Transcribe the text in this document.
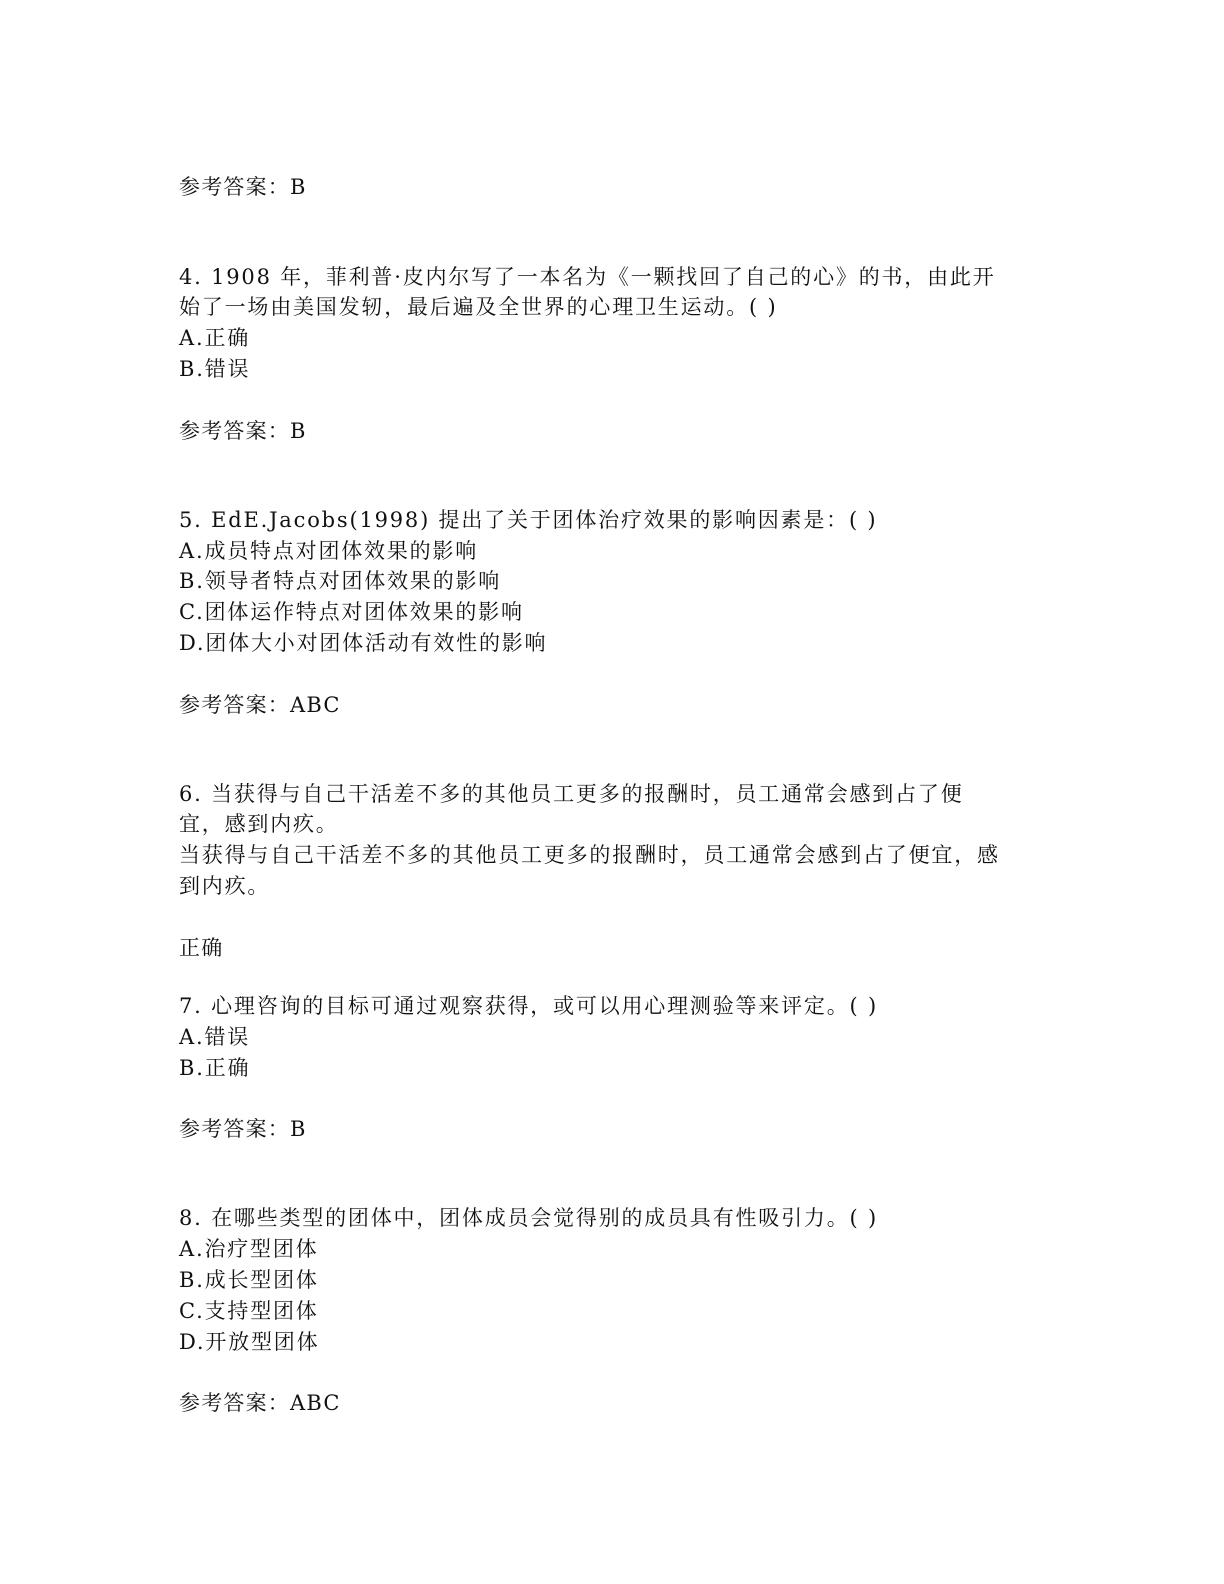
参考答案：B
4. 1908 年，菲利普·皮内尔写了一本名为《一颗找回了自己的心》的书，由此开
始了一场由美国发轫，最后遍及全世界的心理卫生运动。( )
A.正确
B.错误
参考答案：B
5. EdE.Jacobs(1998) 提出了关于团体治疗效果的影响因素是：( )
A.成员特点对团体效果的影响
B.领导者特点对团体效果的影响
C.团体运作特点对团体效果的影响
D.团体大小对团体活动有效性的影响
参考答案：ABC
6. 当获得与自己干活差不多的其他员工更多的报酬时，员工通常会感到占了便
宜，感到内疚。
当获得与自己干活差不多的其他员工更多的报酬时，员工通常会感到占了便宜，感
到内疚。
正确
7. 心理咨询的目标可通过观察获得，或可以用心理测验等来评定。( )
A.错误
B.正确
参考答案：B
8. 在哪些类型的团体中，团体成员会觉得别的成员具有性吸引力。( )
A.治疗型团体
B.成长型团体
C.支持型团体
D.开放型团体
参考答案：ABC
